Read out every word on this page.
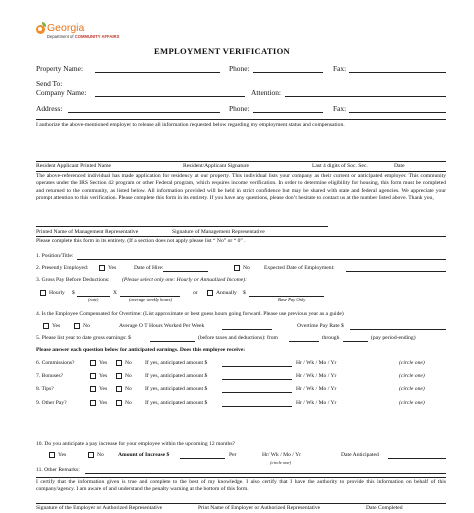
Georgia
Department of COMMUNITY AFFAIRS
EMPLOYMENT VERIFICATION
Property Name:	Phone:	Fax:
Send To:
Company Name:	Attention:
Address:	Phone:	Fax:
I authorize the above-mentioned employer to release all information requested below regarding my employment status and compensation.
Resident Applicant Printed Name	Resident/Applicant Signature	Last 4 digits of Soc. Sec.	Date
The above-referenced individual has made application for residency at our property. This individual lists your company as their current or anticipated employer. This community operates under the IRS Section 42 program or other Federal program, which requires income verification. In order to determine eligibility for housing, this form must be completed and returned to the community, as listed below. All information provided will be held in strict confidence but may be shared with state and federal agencies. We appreciate your prompt attention to this verification. Please complete this form in its entirety. If you have any questions, please don’t hesitate to contact us at the number listed above. Thank you,
Printed Name of Management Representative	Signature of Management Representative
Please complete this form in its entirety. (If a section does not apply please list “ No” or “ 0” .
1. Position/Title:
2. Presently Employed:	Yes	Date of Hire:	No	Expected Date of Employment:
3. Gross Pay Before Deductions: (Please select only one: Hourly or Annualized Income):
Hourly $	X
(rate)	(average weekly hours)
or	Annually $
Base Pay Only
4. Is the Employee Compensated for Overtime: (List approximate or best guess hours going forward. Please use previous year as a guide)
Yes	No	Average O T Hours Worked Per Week	Overtime Pay Rate $
5. Please list year to date gross earnings: $	(before taxes and deductions): from	through	(pay period-ending)
Please answer each question below for anticipated earnings. Does this employee receive:
6. Commissions?	Yes	No If yes, anticipated amount $	Hr / Wk / Mo / Yr	(circle one)
7. Bonuses?	Yes	No If yes, anticipated amount $	Hr / Wk / Mo / Yr	(circle one)
8. Tips?	Yes	No If yes, anticipated amount $	Hr / Wk / Mo / Yr	(circle one)
9. Other Pay?	Yes	No If yes, anticipated amount $	Hr / Wk / Mo / Yr	(circle one)
10. Do you anticipate a pay increase for your employee within the upcoming 12 months?
Yes	No	Amount of Increase $	Per	Hr/ Wk / Mo / Yr
(circle one)
Date Anticipated
11. Other Remarks:
I certify that the information given is true and complete to the best of my knowledge. I also certify that I have the authority to provide this information on behalf of this company/agency. I am aware of and understand the penalty warning at the bottom of this form.
Signature of the Employer or Authorized Representative	Print Name of Employer or Authorized Representative	Date Completed
